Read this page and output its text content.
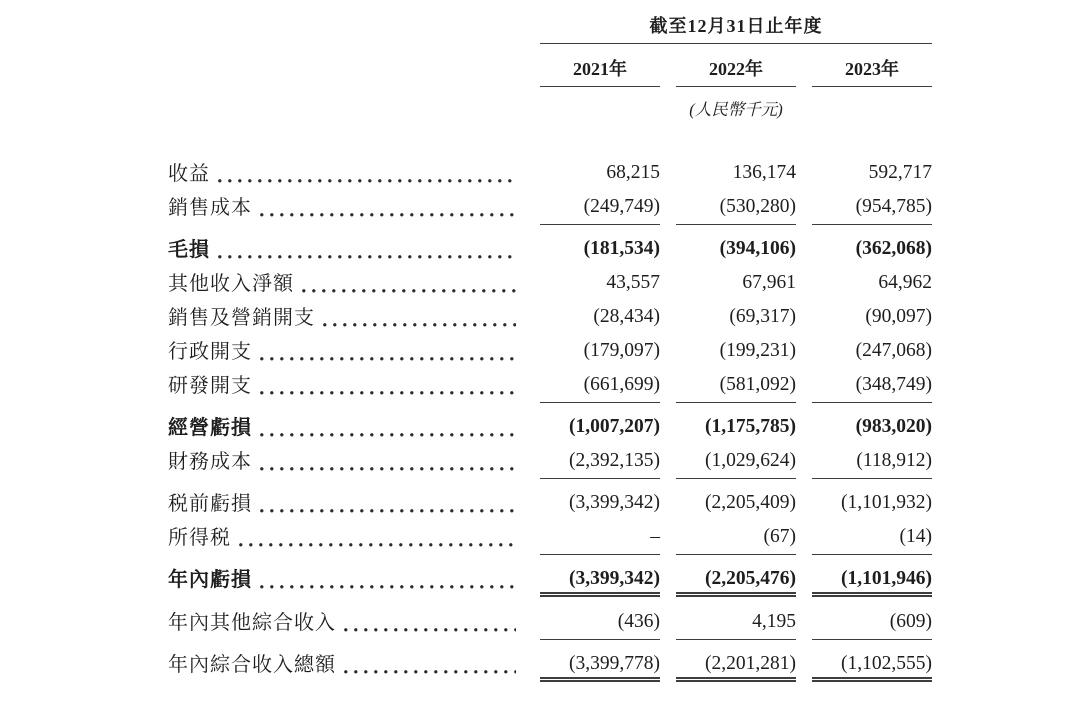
截至12月31日止年度
2021年	2022年	2023年
(人民幣千元)
收益	68,215	136,174	592,717
銷售成本	(249,749)	(530,280)	(954,785)
毛損	(181,534)	(394,106)	(362,068)
其他收入淨額	43,557	67,961	64,962
銷售及營銷開支	(28,434)	(69,317)	(90,097)
行政開支	(179,097)	(199,231)	(247,068)
研發開支	(661,699)	(581,092)	(348,749)
經營虧損	(1,007,207)	(1,175,785)	(983,020)
財務成本	(2,392,135)	(1,029,624)	(118,912)
税前虧損	(3,399,342)	(2,205,409)	(1,101,932)
所得税	–	(67)	(14)
年內虧損	(3,399,342)	(2,205,476)	(1,101,946)
年內其他綜合收入	(436)	4,195	(609)
年內綜合收入總額	(3,399,778)	(2,201,281)	(1,102,555)
